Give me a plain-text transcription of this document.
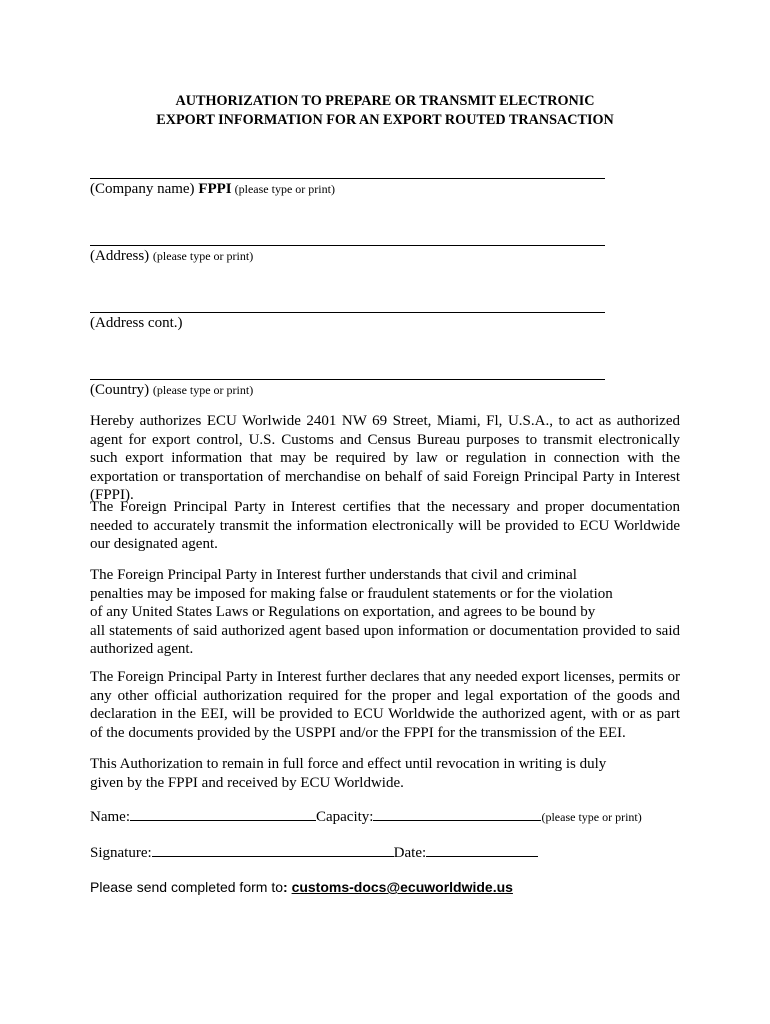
AUTHORIZATION TO PREPARE OR TRANSMIT ELECTRONIC
EXPORT INFORMATION FOR AN EXPORT ROUTED TRANSACTION
(Company name) FPPI (please type or print)
(Address) (please type or print)
(Address cont.)
(Country) (please type or print)

Hereby authorizes ECU Worlwide 2401 NW 69 Street, Miami, Fl, U.S.A., to act as authorized agent for export control, U.S. Customs and Census Bureau purposes to transmit electronically such export information that may be required by law or regulation in connection with the exportation or transportation of merchandise on behalf of said Foreign Principal Party in Interest (FPPI).

The Foreign Principal Party in Interest certifies that the necessary and proper documentation needed to accurately transmit the information electronically will be provided to ECU Worldwide our designated agent.

The Foreign Principal Party in Interest further understands that civil and criminal
penalties may be imposed for making false or fraudulent statements or for the violation
of any United States Laws or Regulations on exportation, and agrees to be bound by
all statements of said authorized agent based upon information or documentation provided to said authorized agent.

The Foreign Principal Party in Interest further declares that any needed export licenses, permits or any other official authorization required for the proper and legal exportation of the goods and declaration in the EEI, will be provided to ECU Worldwide the authorized agent, with or as part of the documents provided by the USPPI and/or the FPPI for the transmission of the EEI.

This Authorization to remain in full force and effect until revocation in writing is duly
given by the FPPI and received by ECU Worldwide.
Name:	Capacity:	(please type or print)
Signature:	Date:
Please send completed form to: customs-docs@ecuworldwide.us
